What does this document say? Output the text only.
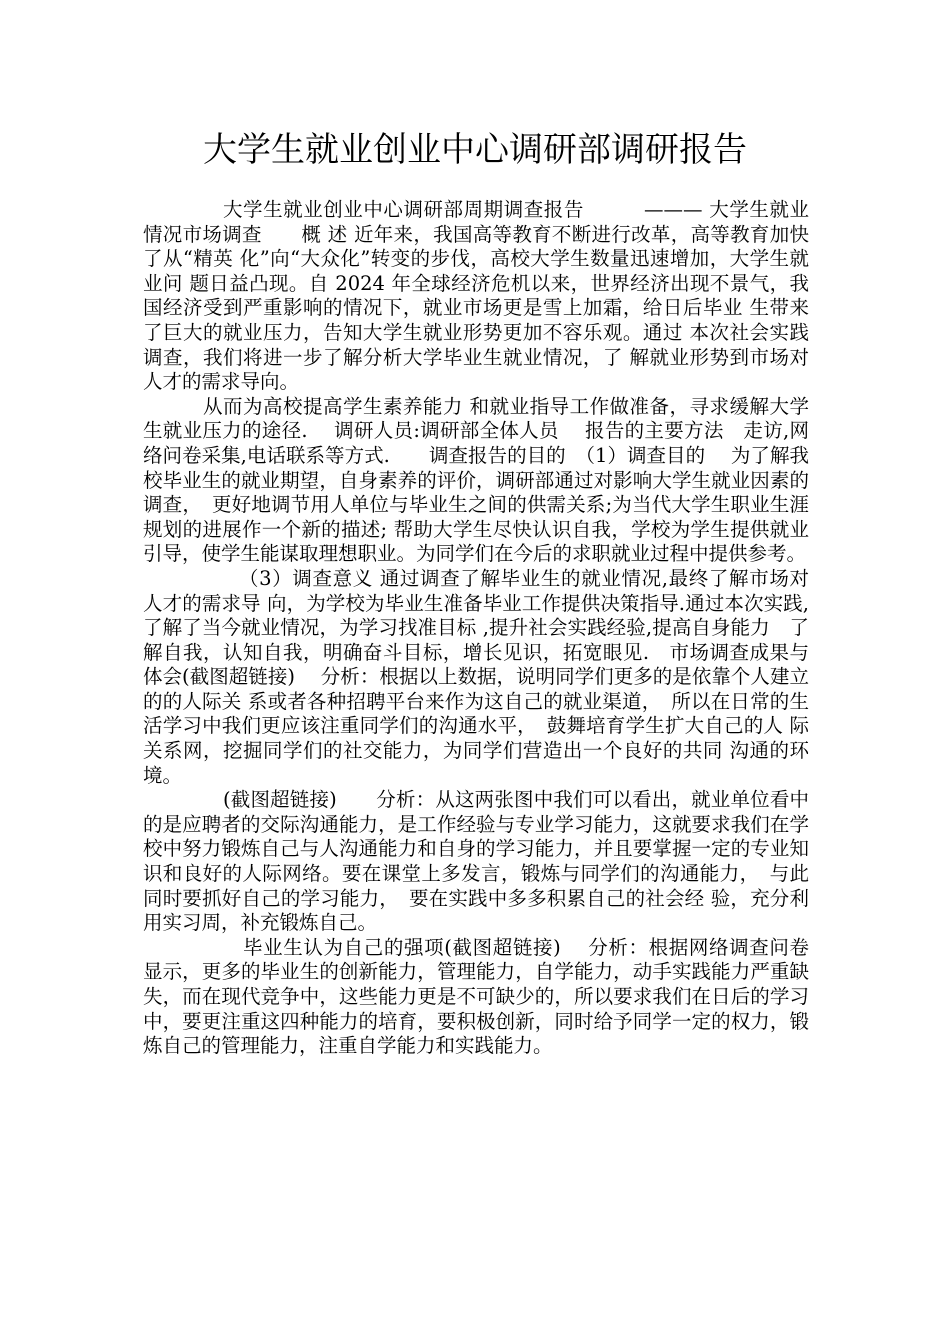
大学生就业创业中心调研部调研报告

大学生就业创业中心调研部周期调查报告　　　——— 大学生就业情况市场调查　　概 述 近年来，我国高等教育不断进行改革，高等教育加快了从“精英 化”向“大众化”转变的步伐，高校大学生数量迅速增加，大学生就业问 题日益凸现。自 2024 年全球经济危机以来，世界经济出现不景气，我 国经济受到严重影响的情况下，就业市场更是雪上加霜，给日后毕业 生带来了巨大的就业压力，告知大学生就业形势更加不容乐观。通过 本次社会实践调查，我们将进一步了解分析大学毕业生就业情况，了 解就业形势到市场对人才的需求导向。

从而为高校提高学生素养能力 和就业指导工作做准备，寻求缓解大学生就业压力的途径.　 调研人员:调研部全体人员　 报告的主要方法　走访,网络问卷采集,电话联系等方式.　　调查报告的目的　（1）调查目的　 为了解我校毕业生的就业期望，自身素养的评价，调研部通过对影响大学生就业因素的调查，　更好地调节用人单位与毕业生之间的供需关系;为当代大学生职业生涯规划的进展作一个新的描述; 帮助大学生尽快认识自我，学校为学生提供就业引导，使学生能谋取理想职业。为同学们在今后的求职就业过程中提供参考。

（3）调查意义 通过调查了解毕业生的就业情况,最终了解市场对人才的需求导 向，为学校为毕业生准备毕业工作提供决策指导.通过本次实践,了解了当今就业情况，为学习找准目标 ,提升社会实践经验,提高自身能力　了解自我，认知自我，明确奋斗目标，增长见识，拓宽眼见.　市场调查成果与体会(截图超链接)　 分析：根据以上数据，说明同学们更多的是依靠个人建立的的人际关 系或者各种招聘平台来作为这自己的就业渠道，　所以在日常的生活学习中我们更应该注重同学们的沟通水平，　鼓舞培育学生扩大自己的人 际关系网，挖掘同学们的社交能力，为同学们营造出一个良好的共同 沟通的环境。

(截图超链接)　　分析：从这两张图中我们可以看出，就业单位看中的是应聘者的交际沟通能力，是工作经验与专业学习能力，这就要求我们在学校中努力锻炼自己与人沟通能力和自身的学习能力，并且要掌握一定的专业知识和良好的人际网络。要在课堂上多发言，锻炼与同学们的沟通能力，　与此同时要抓好自己的学习能力，　要在实践中多多积累自己的社会经 验，充分利用实习周，补充锻炼自己。

毕业生认为自己的强项(截图超链接)　 分析：根据网络调查问卷显示，更多的毕业生的创新能力，管理能力，自学能力，动手实践能力严重缺失，而在现代竞争中，这些能力更是不可缺少的，所以要求我们在日后的学习中，要更注重这四种能力的培育，要积极创新，同时给予同学一定的权力，锻炼自己的管理能力，注重自学能力和实践能力。
